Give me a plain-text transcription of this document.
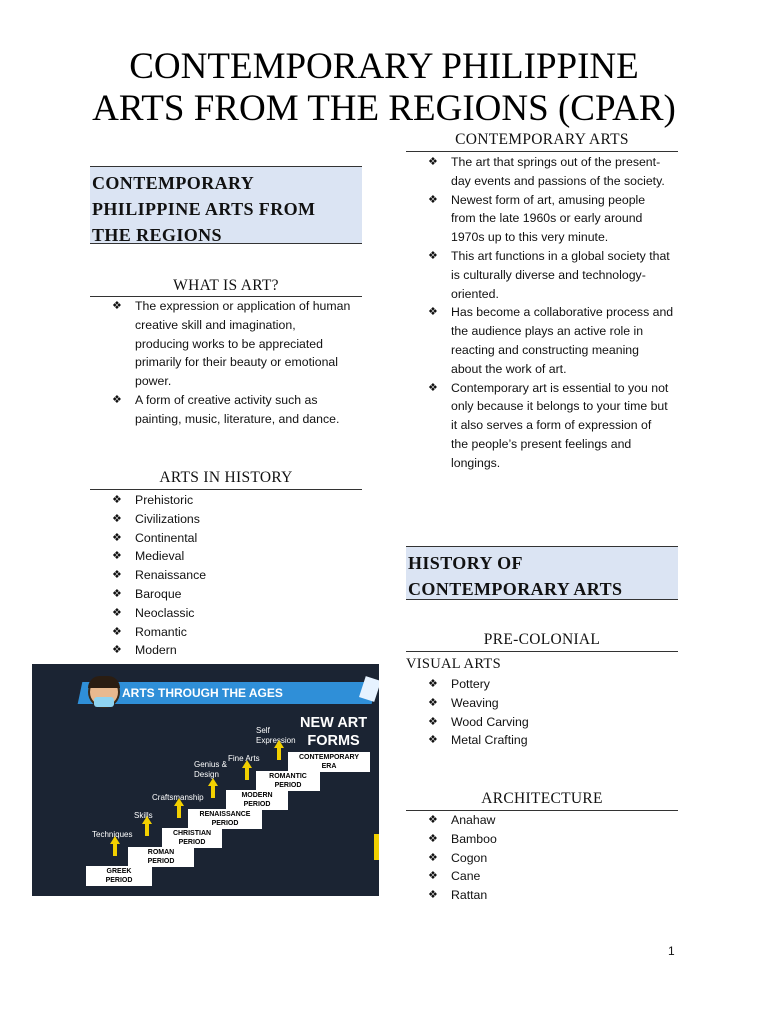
CONTEMPORARY PHILIPPINE
ARTS FROM THE REGIONS (CPAR)
CONTEMPORARY
PHILIPPINE ARTS FROM
THE REGIONS
WHAT IS ART?
❖ The expression or application of human
creative skill and imagination,
producing works to be appreciated
primarily for their beauty or emotional
power.
❖ A form of creative activity such as
painting, music, literature, and dance.
ARTS IN HISTORY
❖ Prehistoric
❖ Civilizations
❖ Continental
❖ Medieval
❖ Renaissance
❖ Baroque
❖ Neoclassic
❖ Romantic
❖ Modern
ARTS THROUGH THE AGES
NEW ART
FORMS
GREEK
PERIOD
Techniques
ROMAN
PERIOD
Skills
CHRISTIAN
PERIOD
Craftsmanship
RENAISSANCE
PERIOD
Genius & Design
MODERN
PERIOD
Fine Arts
ROMANTIC
PERIOD
Self Expression
CONTEMPORARY
ERA
CONTEMPORARY ARTS
❖ The art that springs out of the present-
day events and passions of the society.
❖ Newest form of art, amusing people
from the late 1960s or early around
1970s up to this very minute.
❖ This art functions in a global society that
is culturally diverse and technology-
oriented.
❖ Has become a collaborative process and
the audience plays an active role in
reacting and constructing meaning
about the work of art.
❖ Contemporary art is essential to you not
only because it belongs to your time but
it also serves a form of expression of
the people’s present feelings and
longings.
HISTORY OF
CONTEMPORARY ARTS
PRE-COLONIAL
VISUAL ARTS
❖ Pottery
❖ Weaving
❖ Wood Carving
❖ Metal Crafting
ARCHITECTURE
❖ Anahaw
❖ Bamboo
❖ Cogon
❖ Cane
❖ Rattan
1
